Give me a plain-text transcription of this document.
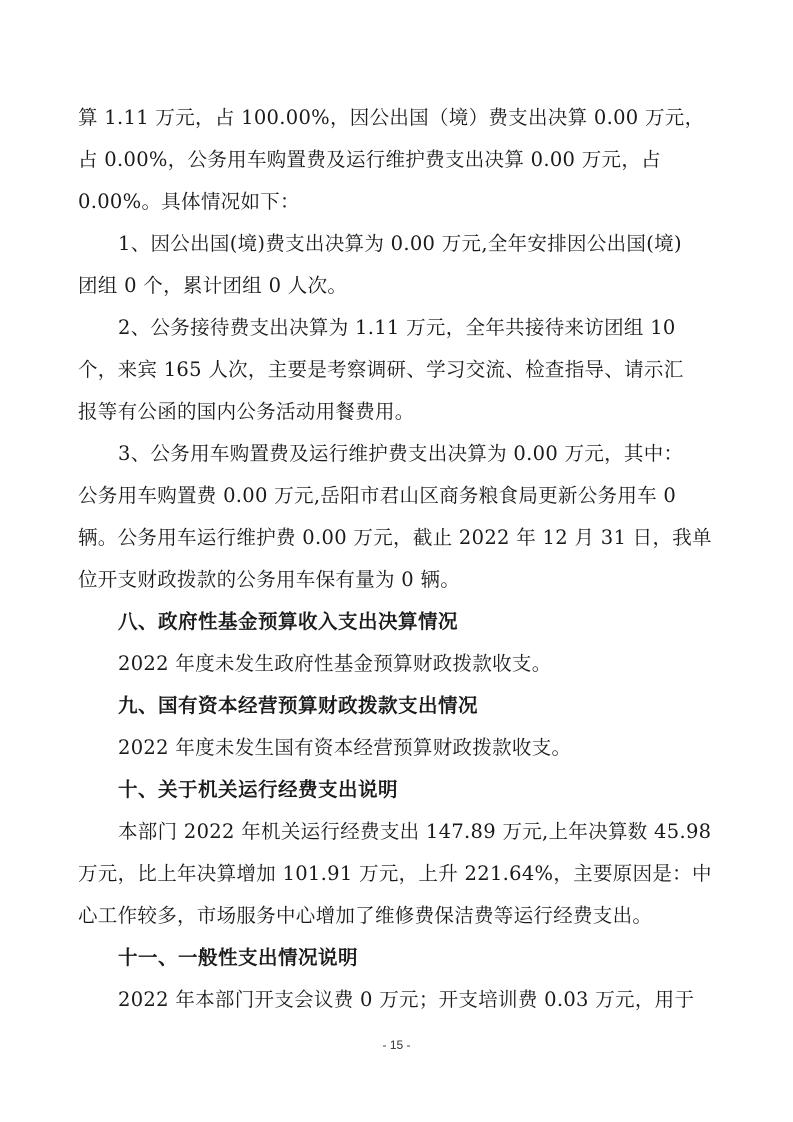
算 1.11 万元，占 100.00%，因公出国（境）费支出决算 0.00 万元，
占 0.00%，公务用车购置费及运行维护费支出决算 0.00 万元，占
0.00%。具体情况如下：
1、因公出国(境)费支出决算为 0.00 万元,全年安排因公出国(境)
团组 0 个，累计团组 0 人次。
2、公务接待费支出决算为 1.11 万元，全年共接待来访团组 10
个，来宾 165 人次，主要是考察调研、学习交流、检查指导、请示汇
报等有公函的国内公务活动用餐费用。
3、公务用车购置费及运行维护费支出决算为 0.00 万元，其中：
公务用车购置费 0.00 万元,岳阳市君山区商务粮食局更新公务用车 0
辆。公务用车运行维护费 0.00 万元，截止 2022 年 12 月 31 日，我单
位开支财政拨款的公务用车保有量为 0 辆。
八、政府性基金预算收入支出决算情况
2022 年度未发生政府性基金预算财政拨款收支。
九、国有资本经营预算财政拨款支出情况
2022 年度未发生国有资本经营预算财政拨款收支。
十、关于机关运行经费支出说明
本部门 2022 年机关运行经费支出 147.89 万元,上年决算数 45.98
万元，比上年决算增加 101.91 万元，上升 221.64%，主要原因是：中
心工作较多，市场服务中心增加了维修费保洁费等运行经费支出。
十一、一般性支出情况说明
2022 年本部门开支会议费 0 万元；开支培训费 0.03 万元，用于
- 15 -
